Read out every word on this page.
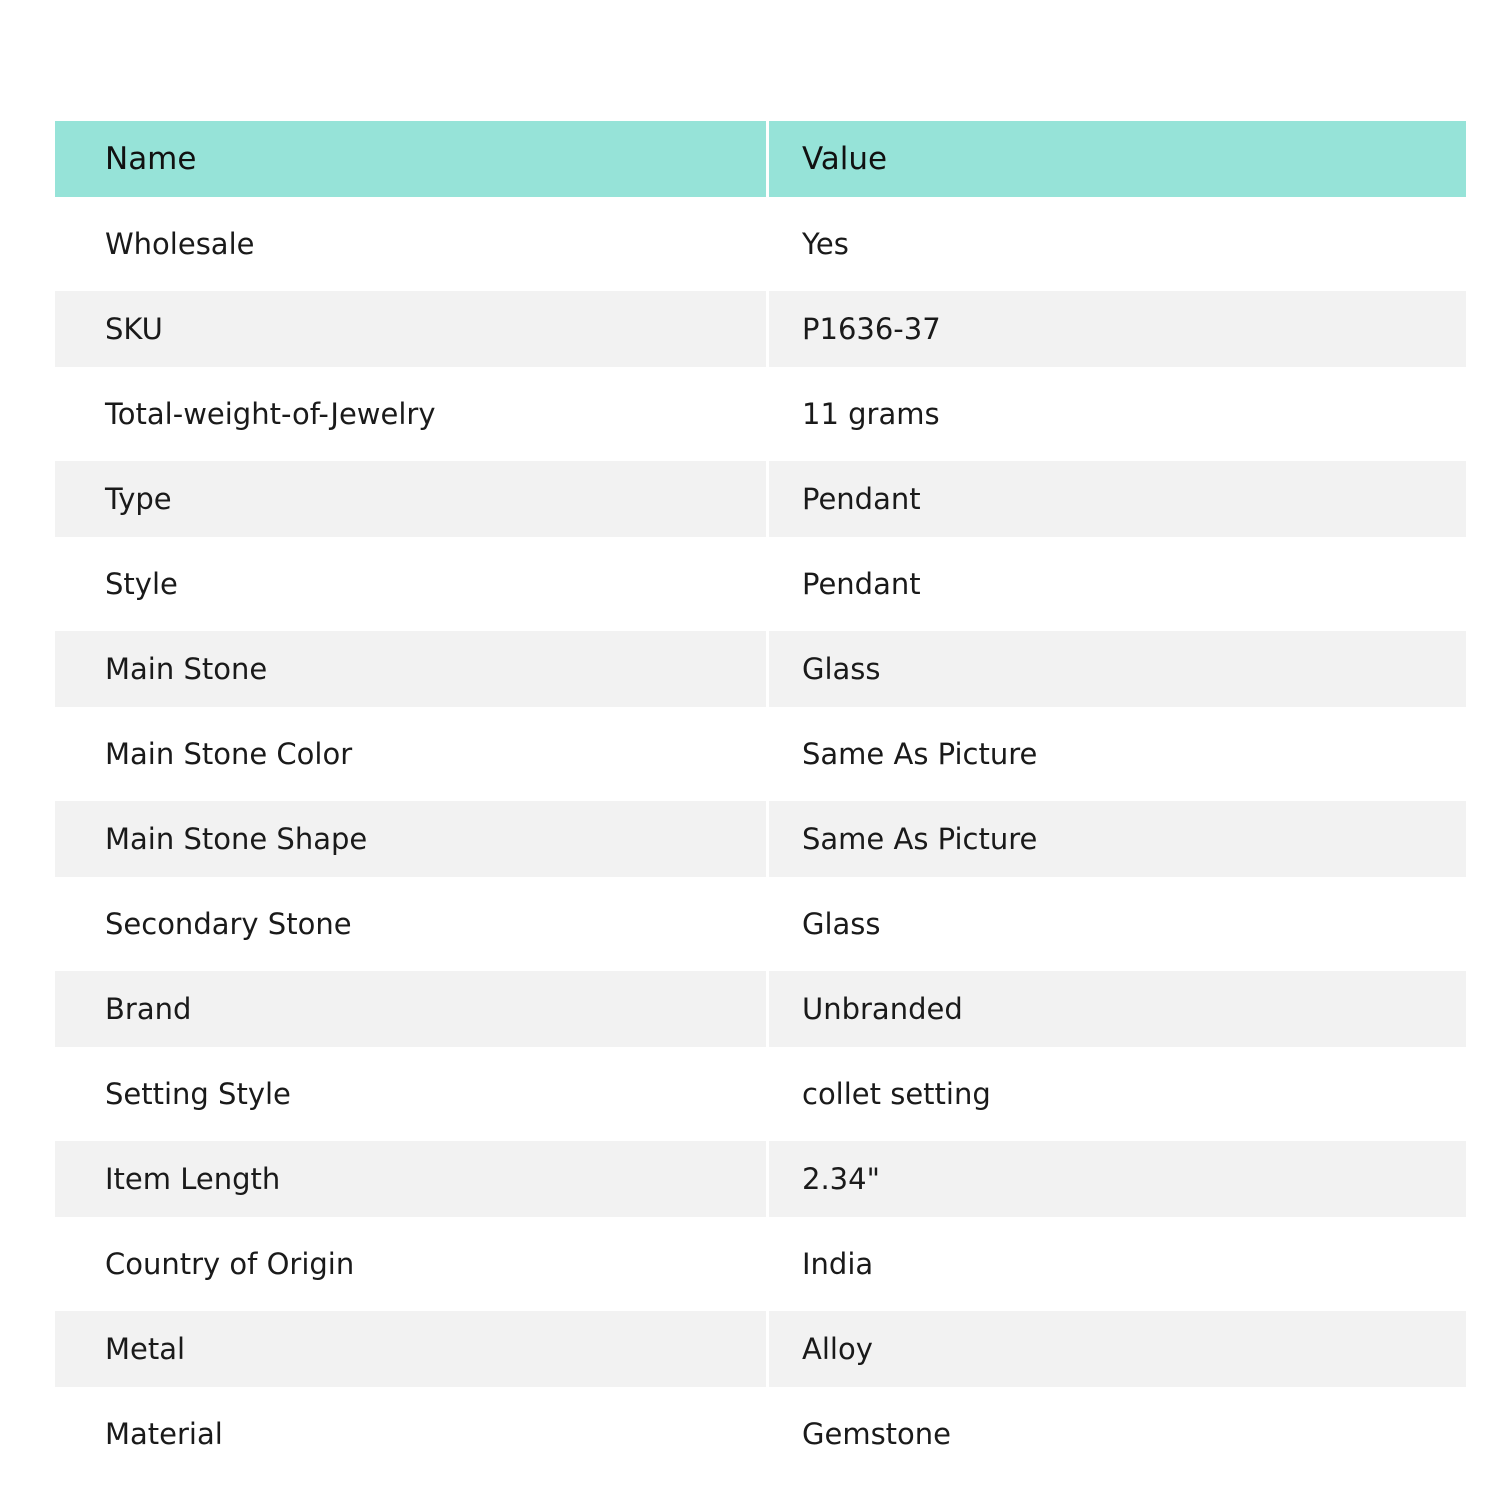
Name	Value
Wholesale	Yes
SKU	P1636-37
Total-weight-of-Jewelry	11 grams
Type	Pendant
Style	Pendant
Main Stone	Glass
Main Stone Color	Same As Picture
Main Stone Shape	Same As Picture
Secondary Stone	Glass
Brand	Unbranded
Setting Style	collet setting
Item Length	2.34"
Country of Origin	India
Metal	Alloy
Material	Gemstone
